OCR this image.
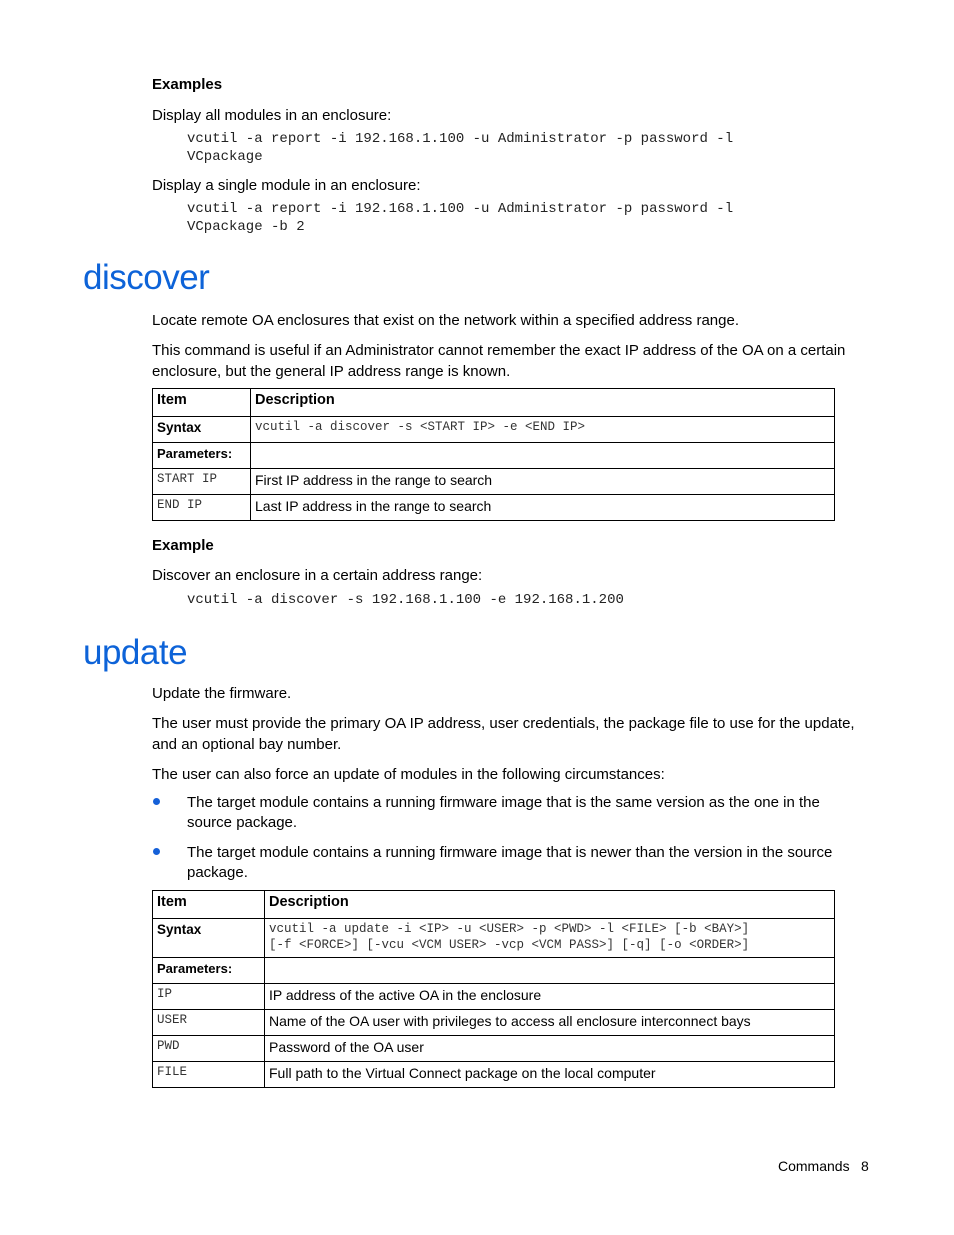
Examples
Display all modules in an enclosure:
vcutil -a report -i 192.168.1.100 -u Administrator -p password -l
VCpackage
Display a single module in an enclosure:
vcutil -a report -i 192.168.1.100 -u Administrator -p password -l
VCpackage -b 2
discover
Locate remote OA enclosures that exist on the network within a specified address range.
This command is useful if an Administrator cannot remember the exact IP address of the OA on a certain enclosure, but the general IP address range is known.
Item	Description
Syntax	vcutil -a discover -s <START IP> -e <END IP>
Parameters:	
START IP	First IP address in the range to search
END IP	Last IP address in the range to search
Example
Discover an enclosure in a certain address range:
vcutil -a discover -s 192.168.1.100 -e 192.168.1.200
update
Update the firmware.
The user must provide the primary OA IP address, user credentials, the package file to use for the update, and an optional bay number.
The user can also force an update of modules in the following circumstances:
The target module contains a running firmware image that is the same version as the one in the source package.
The target module contains a running firmware image that is newer than the version in the source package.
Item	Description
Syntax	vcutil -a update -i <IP> -u <USER> -p <PWD> -l <FILE> [-b <BAY>]
[-f <FORCE>] [-vcu <VCM USER> -vcp <VCM PASS>] [-q] [-o <ORDER>]
Parameters:	
IP	IP address of the active OA in the enclosure
USER	Name of the OA user with privileges to access all enclosure interconnect bays
PWD	Password of the OA user
FILE	Full path to the Virtual Connect package on the local computer
Commands 8
